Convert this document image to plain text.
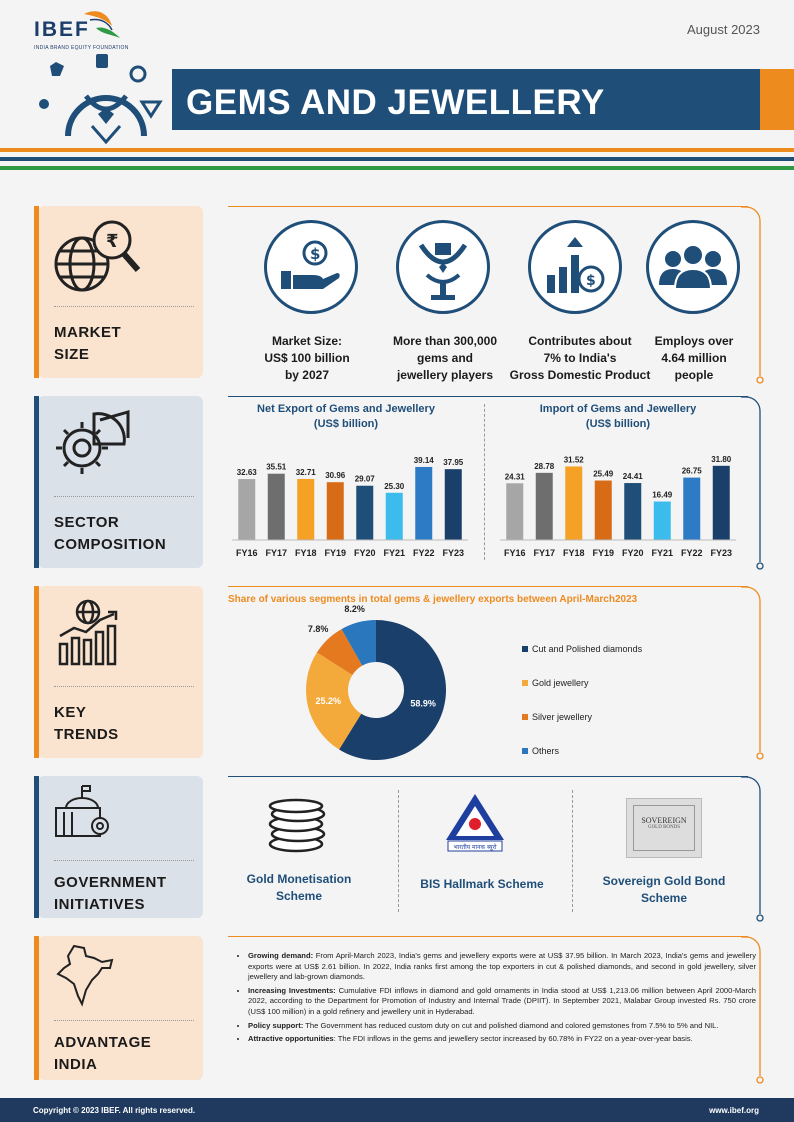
IBEF
INDIA BRAND EQUITY FOUNDATION
August 2023
GEMS AND JEWELLERY
₹
MARKET
SIZE
SECTOR
COMPOSITION
KEY
TRENDS
GOVERNMENT
INITIATIVES
ADVANTAGE
INDIA
$
$
Market Size:
US$ 100 billion
by 2027
More than 300,000
gems and
jewellery players
Contributes about
7% to India's
Gross Domestic Product
Employs over
4.64 million
people
Net Export of Gems and Jewellery
(US$ billion)
Import of Gems and Jewellery
(US$ billion)
32.63
FY16
35.51
FY17
32.71
FY18
30.96
FY19
29.07
FY20
25.30
FY21
39.14
FY22
37.95
FY23
24.31
FY16
28.78
FY17
31.52
FY18
25.49
FY19
24.41
FY20
16.49
FY21
26.75
FY22
31.80
FY23
Share of various segments in total gems & jewellery exports between April-March2023
58.9%
25.2%
7.8%
8.2%
Cut and Polished diamonds
Gold jewellery
Silver jewellery
Others
भारतीय मानक ब्यूरो
SOVEREIGN
GOLD BONDS
Gold Monetisation
Scheme
BIS Hallmark Scheme	Sovereign Gold Bond
Scheme
• Growing demand: From April-March 2023, India's gems and jewellery exports were at US$ 37.95 billion. In March 2023, India's gems and jewellery exports were at US$ 2.61 billion. In 2022, India ranks first among the top exporters in cut & polished diamonds, and second in gold jewellery, silver jewellery and lab-grown diamonds.
• Increasing Investments: Cumulative FDI inflows in diamond and gold ornaments in India stood at US$ 1,213.06 million between April 2000-March 2022, according to the Department for Promotion of Industry and Internal Trade (DPIIT). In September 2021, Malabar Group invested Rs. 750 crore (US$ 100 million) in a gold refinery and jewellery unit in Hyderabad.
• Policy support: The Government has reduced custom duty on cut and polished diamond and colored gemstones from 7.5% to 5% and NIL.
• Attractive opportunities: The FDI inflows in the gems and jewellery sector increased by 60.78% in FY22 on a year-over-year basis.
Copyright © 2023 IBEF. All rights reserved.	www.ibef.org
